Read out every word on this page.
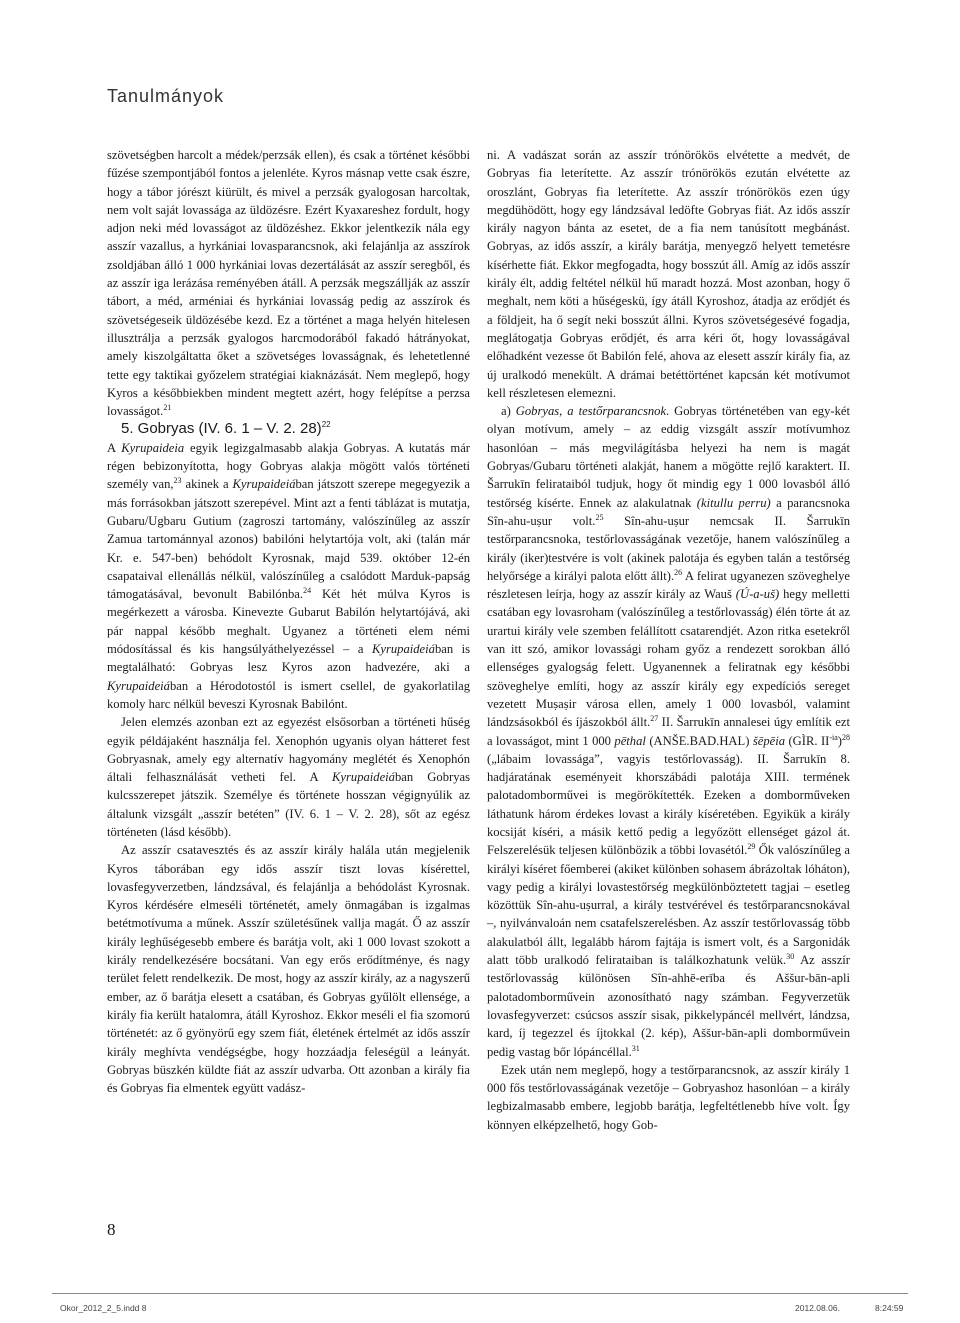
Tanulmányok

szövetségben harcolt a médek/perzsák ellen), és csak a történet későbbi fűzése szempontjából fontos a jelenléte. Kyros másnap vette csak észre, hogy a tábor jórészt kiürült, és mivel a perzsák gyalogosan harcoltak, nem volt saját lovassága az üldözésre. Ezért Kyaxareshez fordult, hogy adjon neki méd lovasságot az üldözéshez. Ekkor jelentkezik nála egy asszír vazallus, a hyrkániai lovasparancsnok, aki felajánlja az asszírok zsoldjában álló 1 000 hyrkániai lovas dezertálását az asszír seregből, és az asszír iga lerázása reményében átáll. A perzsák megszállják az asszír tábort, a méd, arméniai és hyrkániai lovasság pedig az asszírok és szövetségeseik üldözésébe kezd. Ez a történet a maga helyén hitelesen illusztrálja a perzsák gyalogos harcmodorából fakadó hátrányokat, amely kiszolgáltatta őket a szövetséges lovasságnak, és lehetetlenné tette egy taktikai győzelem stratégiai kiaknázását. Nem meglepő, hogy Kyros a későbbiekben mindent megtett azért, hogy felépítse a perzsa lovasságot.$^{21}$

5. Gobryas (IV. 6. 1 – V. 2. 28)$^{22}$

A Kyrupaideia egyik legizgalmasabb alakja Gobryas. A kutatás már régen bebizonyította, hogy Gobryas alakja mögött valós történeti személy van,$^{23}$ akinek a Kyrupaideiában játszott szerepe megegyezik a más forrásokban játszott szerepével. Mint azt a fenti táblázat is mutatja, Gubaru/Ugbaru Gutium (zagroszi tartomány, valószínűleg az asszír Zamua tartománnyal azonos) babilóni helytartója volt, aki (talán már Kr. e. 547-ben) behódolt Kyrosnak, majd 539. október 12-én csapataival ellenállás nélkül, valószínűleg a csalódott Marduk-papság támogatásával, bevonult Babilónba.$^{24}$ Két hét múlva Kyros is megérkezett a városba. Kinevezte Gubarut Babilón helytartójává, aki pár nappal később meghalt. Ugyanez a történeti elem némi módosítással és kis hangsúlyáthelyezéssel – a Kyrupaideiában is megtalálható: Gobryas lesz Kyros azon hadvezére, aki a Kyrupaideiában a Hérodotostól is ismert csellel, de gyakorlatilag komoly harc nélkül beveszi Kyrosnak Babilónt.

Jelen elemzés azonban ezt az egyezést elsősorban a történeti hűség egyik példájaként használja fel. Xenophón ugyanis olyan hátteret fest Gobryasnak, amely egy alternatív hagyomány meglétét és Xenophón általi felhasználását vetheti fel. A Kyrupaideiában Gobryas kulcsszerepet játszik. Személye és története hosszan végignyúlik az általunk vizsgált „asszír betéten” (IV. 6. 1 – V. 2. 28), sőt az egész történeten (lásd később).

Az asszír csatavesztés és az asszír király halála után megjelenik Kyros táborában egy idős asszír tiszt lovas kísérettel, lovasfegyverzetben, lándzsával, és felajánlja a behódolást Kyrosnak. Kyros kérdésére elmeséli történetét, amely önmagában is izgalmas betétmotívuma a műnek. Asszír születésűnek vallja magát. Ő az asszír király leghűségesebb embere és barátja volt, aki 1 000 lovast szokott a király rendelkezésére bocsátani. Van egy erős erődítménye, és nagy terület felett rendelkezik. De most, hogy az asszír király, az a nagyszerű ember, az ő barátja elesett a csatában, és Gobryas gyűlölt ellensége, a király fia került hatalomra, átáll Kyroshoz. Ekkor meséli el fia szomorú történetét: az ő gyönyörű egy szem fiát, életének értelmét az idős asszír király meghívta vendégségbe, hogy hozzáadja feleségül a leányát. Gobryas büszkén küldte fiát az asszír udvarba. Ott azonban a király fia és Gobryas fia elmentek együtt vadász-

ni. A vadászat során az asszír trónörökös elvétette a medvét, de Gobryas fia leterítette. Az asszír trónörökös ezután elvétette az oroszlánt, Gobryas fia leterítette. Az asszír trónörökös ezen úgy megdühödött, hogy egy lándzsával ledöfte Gobryas fiát. Az idős asszír király nagyon bánta az esetet, de a fia nem tanúsított megbánást. Gobryas, az idős asszír, a király barátja, menyegző helyett temetésre kísérhette fiát. Ekkor megfogadta, hogy bosszút áll. Amíg az idős asszír király élt, addig feltétel nélkül hű maradt hozzá. Most azonban, hogy ő meghalt, nem köti a hűségeskü, így átáll Kyroshoz, átadja az erődjét és a földjeit, ha ő segít neki bosszút állni. Kyros szövetségesévé fogadja, meglátogatja Gobryas erődjét, és arra kéri őt, hogy lovasságával előhadként vezesse őt Babilón felé, ahova az elesett asszír király fia, az új uralkodó menekült. A drámai betéttörténet kapcsán két motívumot kell részletesen elemezni.

a) Gobryas, a testőrparancsnok. Gobryas történetében van egy-két olyan motívum, amely – az eddig vizsgált asszír motívumhoz hasonlóan – más megvilágításba helyezi ha nem is magát Gobryas/Gubaru történeti alakját, hanem a mögötte rejlő karaktert. II. Šarrukīn felirataiból tudjuk, hogy őt mindig egy 1 000 lovasból álló testőrség kísérte. Ennek az alakulatnak (kitullu perru) a parancsnoka Sîn-ahu-uṣur volt.$^{25}$ Sîn-ahu-uṣur nemcsak II. Šarrukīn testőrparancsnoka, testőrlovasságának vezetője, hanem valószínűleg a király (iker)testvére is volt (akinek palotája és egyben talán a testőrség helyőrsége a királyi palota előtt állt).$^{26}$ A felirat ugyanezen szöveghelye részletesen leírja, hogy az asszír király az Wauš (Ú-a-uš) hegy melletti csatában egy lovasroham (valószínűleg a testőrlovasság) élén törte át az urartui király vele szemben felállított csatarendjét. Azon ritka esetekről van itt szó, amikor lovassági roham győz a rendezett sorokban álló ellenséges gyalogság felett. Ugyanennek a feliratnak egy későbbi szöveghelye említi, hogy az asszír király egy expedíciós sereget vezetett Muṣaṣir városa ellen, amely 1 000 lovasból, valamint lándzsásokból és íjászokból állt.$^{27}$ II. Šarrukīn annalesei úgy említik ezt a lovasságot, mint 1 000 pēthal (ANŠE.BAD.HAL) šēpēia (GÌR. $II^{-ia})^{28}$ („lábaim lovassága”, vagyis testőrlovasság). II. Šarrukīn 8. hadjáratának eseményeit khorszábádi palotája XIII. termének palotadomborművei is megörökítették. Ezeken a domborműveken láthatunk három érdekes lovast a király kíséretében. Egyikük a király kocsiját kíséri, a másik kettő pedig a legyőzött ellenséget gázol át. Felszerelésük teljesen különbözik a többi lovasétól.$^{29}$ Ők valószínűleg a királyi kíséret főemberei (akiket különben sohasem ábrázoltak lóháton), vagy pedig a királyi lovastestőrség megkülönböztetett tagjai – esetleg közöttük Sîn-ahu-uṣurral, a király testvérével és testőrparancsnokával –, nyilvánvaloán nem csatafelszerelésben. Az asszír testőrlovasság több alakulatból állt, legalább három fajtája is ismert volt, és a Sargonidák alatt több uralkodó felirataiban is találkozhatunk velük.$^{30}$ Az asszír testőrlovasság különösen Sîn-ahhē-erība és Aššur-bān-apli palotadomborművein azonosítható nagy számban. Fegyverzetük lovasfegyverzet: csúcsos asszír sisak, pikkelypáncél mellvért, lándzsa, kard, íj tegezzel és íjtokkal (2. kép), Aššur-bān-apli domborművein pedig vastag bőr lópáncéllal.$^{31}$

Ezek után nem meglepő, hogy a testőrparancsnok, az asszír király 1 000 fős testőrlovasságának vezetője – Gobryashoz hasonlóan – a király legbizalmasabb embere, legjobb barátja, legfeltétlenebb híve volt. Így könnyen elképzelhető, hogy Gob-

8
Okor_2012_2_5.indd 8	2012.08.06.	8:24:59
